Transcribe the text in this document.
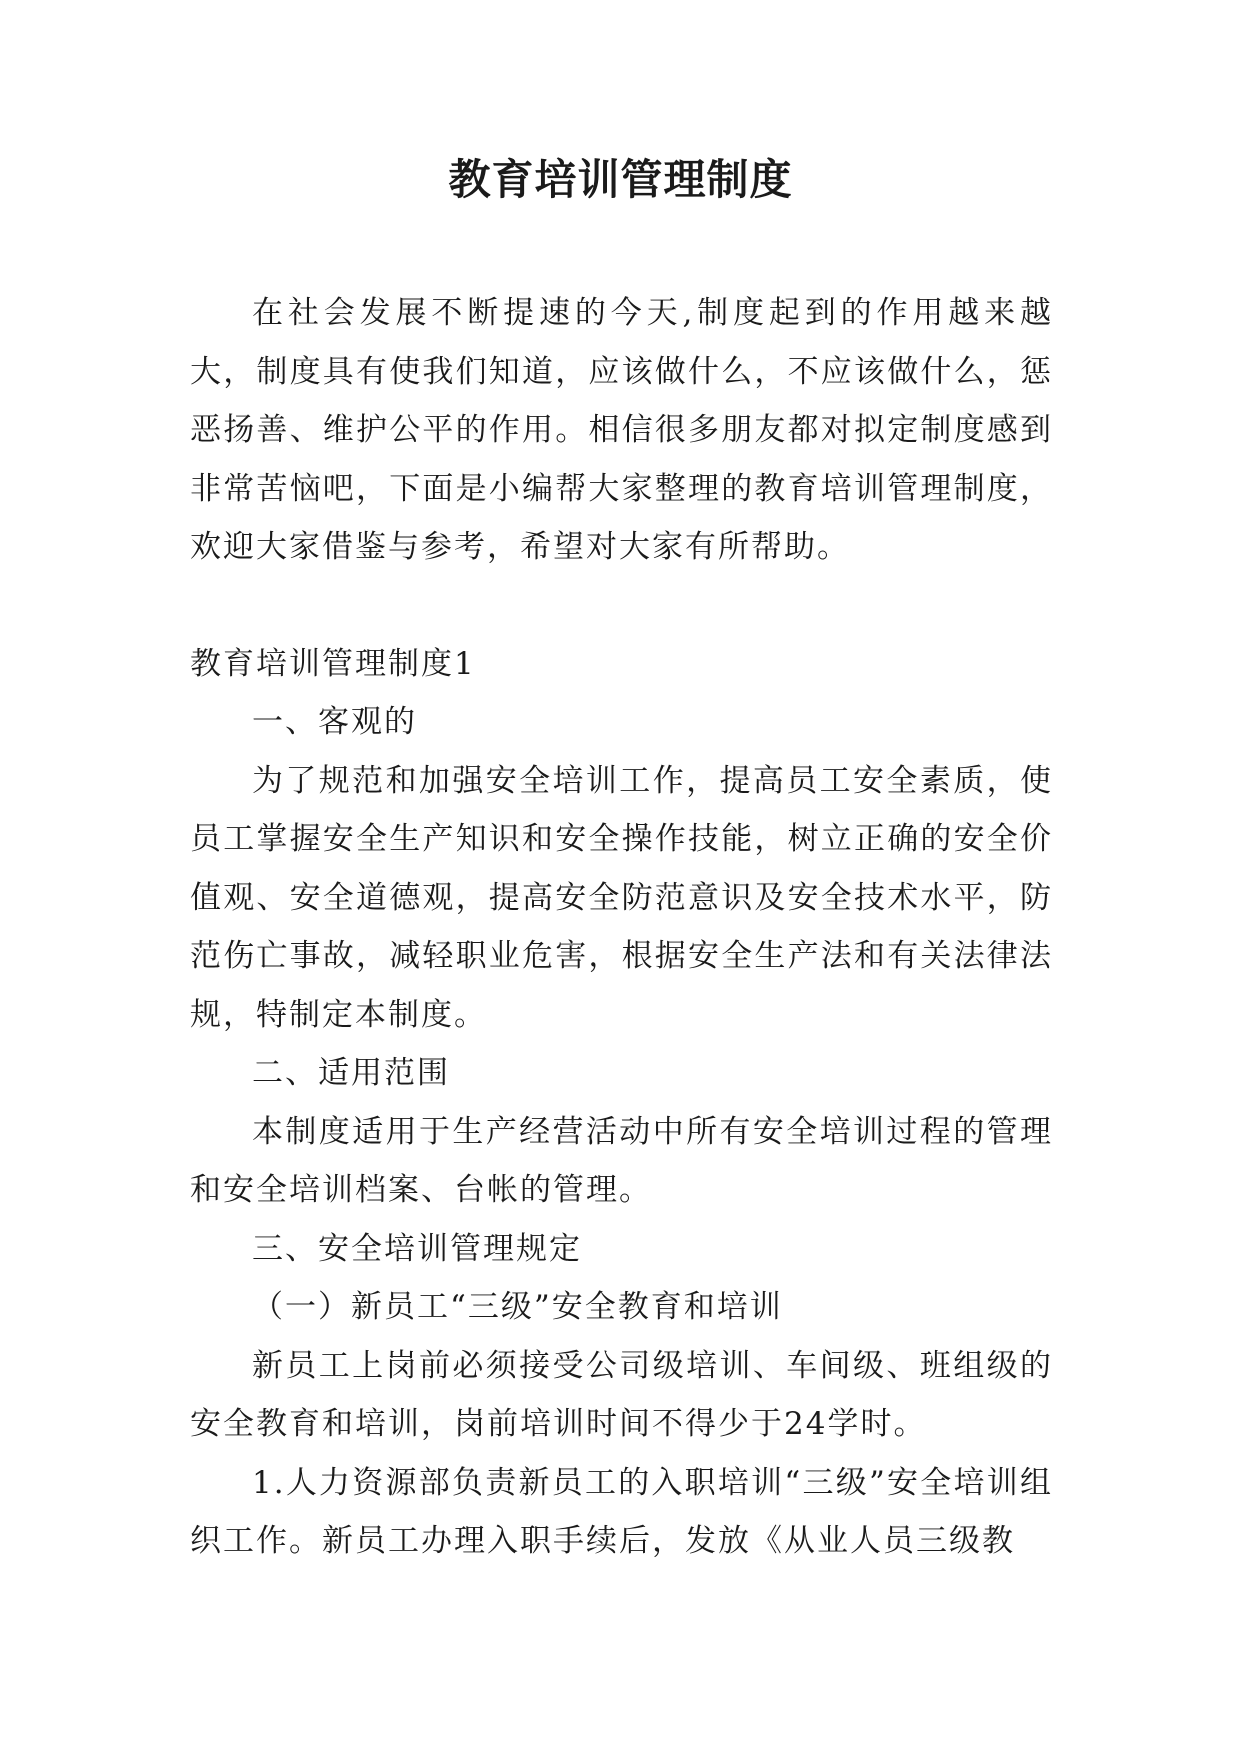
教育培训管理制度

在社会发展不断提速的今天,制度起到的作用越来越大，制度具有使我们知道，应该做什么，不应该做什么，惩恶扬善、维护公平的作用。相信很多朋友都对拟定制度感到非常苦恼吧，下面是小编帮大家整理的教育培训管理制度，欢迎大家借鉴与参考，希望对大家有所帮助。

教育培训管理制度1

一、客观的

为了规范和加强安全培训工作，提高员工安全素质，使员工掌握安全生产知识和安全操作技能，树立正确的安全价值观、安全道德观，提高安全防范意识及安全技术水平，防范伤亡事故，减轻职业危害，根据安全生产法和有关法律法规，特制定本制度。

二、适用范围

本制度适用于生产经营活动中所有安全培训过程的管理和安全培训档案、台帐的管理。

三、安全培训管理规定

（一）新员工“三级”安全教育和培训

新员工上岗前必须接受公司级培训、车间级、班组级的安全教育和培训，岗前培训时间不得少于24学时。

1.人力资源部负责新员工的入职培训“三级”安全培训组织工作。新员工办理入职手续后，发放《从业人员三级教
